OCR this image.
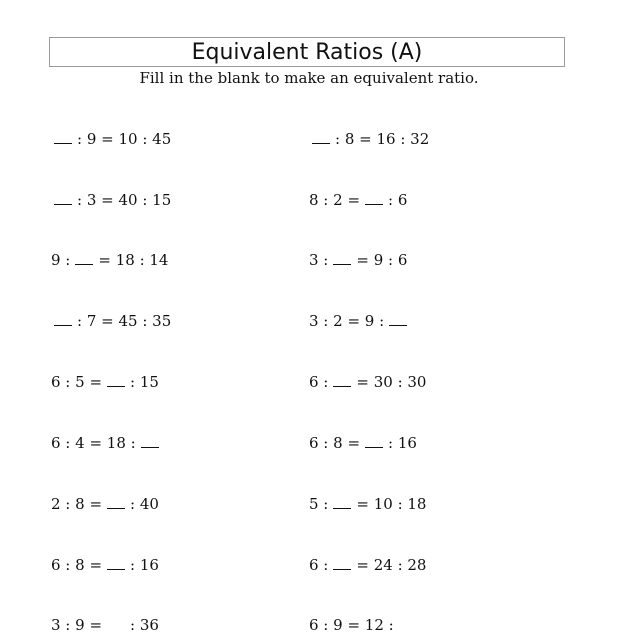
Equivalent Ratios (A)
Fill in the blank to make an equivalent ratio.
: 9 = 10 : 45	: 8 = 16 : 32
: 3 = 40 : 15	8 : 2 = : 6
9 : = 18 : 14	3 : = 9 : 6
: 7 = 45 : 35	3 : 2 = 9 :
6 : 5 = : 15	6 : = 30 : 30
6 : 4 = 18 :	6 : 8 = : 16
2 : 8 = : 40	5 : = 10 : 18
6 : 8 = : 16	6 : = 24 : 28
3 : 9 = : 36	6 : 9 = 12 :
